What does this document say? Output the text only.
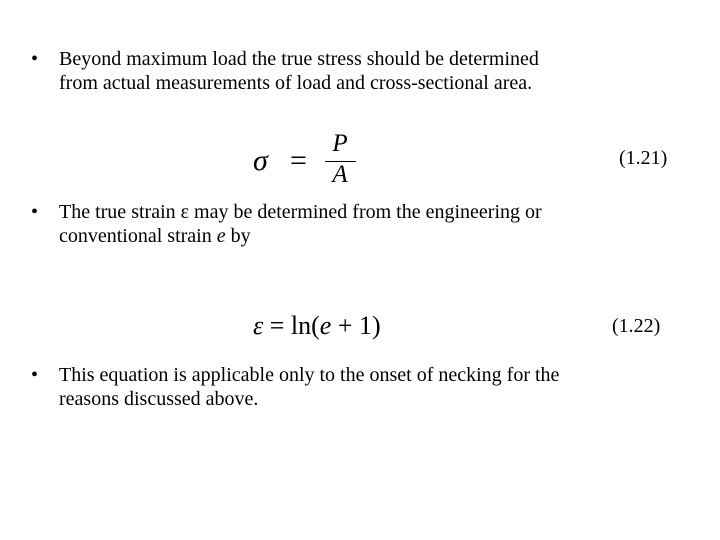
• Beyond maximum load the true stress should be determined
from actual measurements of load and cross-sectional area.
σ =
P
A
(1.21)
• The true strain ε may be determined from the engineering or
conventional strain e by
ε = ln(e + 1)	(1.22)
• This equation is applicable only to the onset of necking for the
reasons discussed above.
